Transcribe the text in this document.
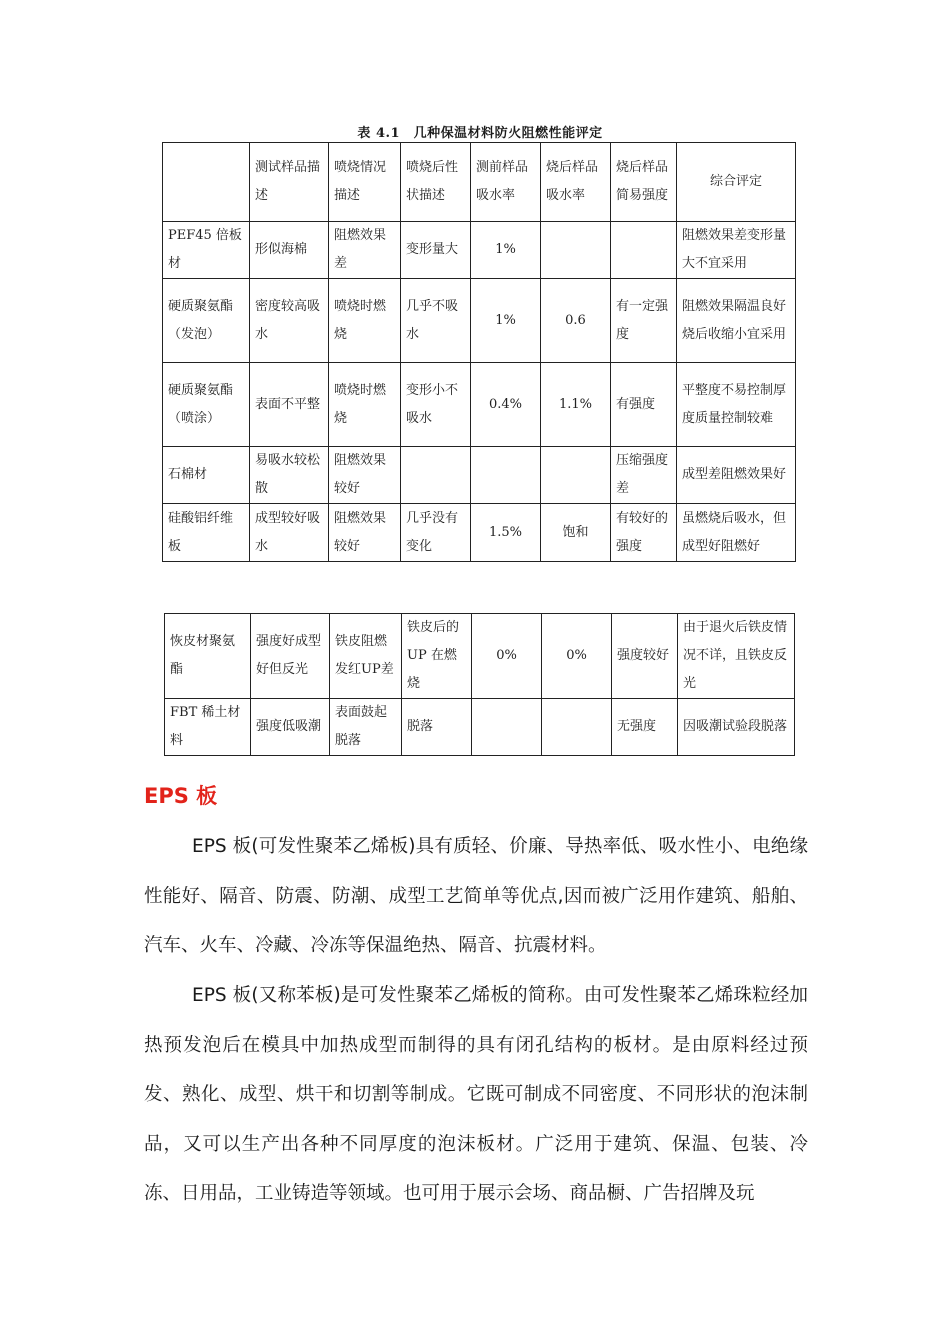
表 4.1　几种保温材料防火阻燃性能评定
	测试样品描述	喷烧情况描述	喷烧后性状描述	测前样品吸水率	烧后样品吸水率	烧后样品简易强度	综合评定
PEF45 倍板材	形似海棉	阻燃效果差	变形量大	1%			阻燃效果差变形量大不宜采用
硬质聚氨酯（发泡）	密度较高吸水	喷烧时燃烧	几乎不吸水	1%	0.6	有一定强度	阻燃效果隔温良好烧后收缩小宜采用
硬质聚氨酯（喷涂）	表面不平整	喷烧时燃烧	变形小不吸水	0.4%	1.1%	有强度	平整度不易控制厚度质量控制较难
石棉材	易吸水较松散	阻燃效果较好				压缩强度差	成型差阻燃效果好
硅酸铝纤维板	成型较好吸水	阻燃效果较好	几乎没有变化	1.5%	饱和	有较好的强度	虽燃烧后吸水，但成型好阻燃好
恢皮材聚氨酯	强度好成型好但反光	铁皮阻燃发红UP差	铁皮后的 UP 在燃烧	0%	0%	强度较好	由于退火后铁皮情况不详，且铁皮反光
FBT 稀土材料	强度低吸潮	表面鼓起脱落	脱落			无强度	因吸潮试验段脱落
EPS 板

EPS 板(可发性聚苯乙烯板)具有质轻、价廉、导热率低、吸水性小、电绝缘性能好、隔音、防震、防潮、成型工艺简单等优点,因而被广泛用作建筑、船舶、汽车、火车、冷藏、冷冻等保温绝热、隔音、抗震材料。

EPS 板(又称苯板)是可发性聚苯乙烯板的简称。由可发性聚苯乙烯珠粒经加热预发泡后在模具中加热成型而制得的具有闭孔结构的板材。是由原料经过预发、熟化、成型、烘干和切割等制成。它既可制成不同密度、不同形状的泡沫制品，又可以生产出各种不同厚度的泡沫板材。广泛用于建筑、保温、包装、冷冻、日用品，工业铸造等领域。也可用于展示会场、商品橱、广告招牌及玩
